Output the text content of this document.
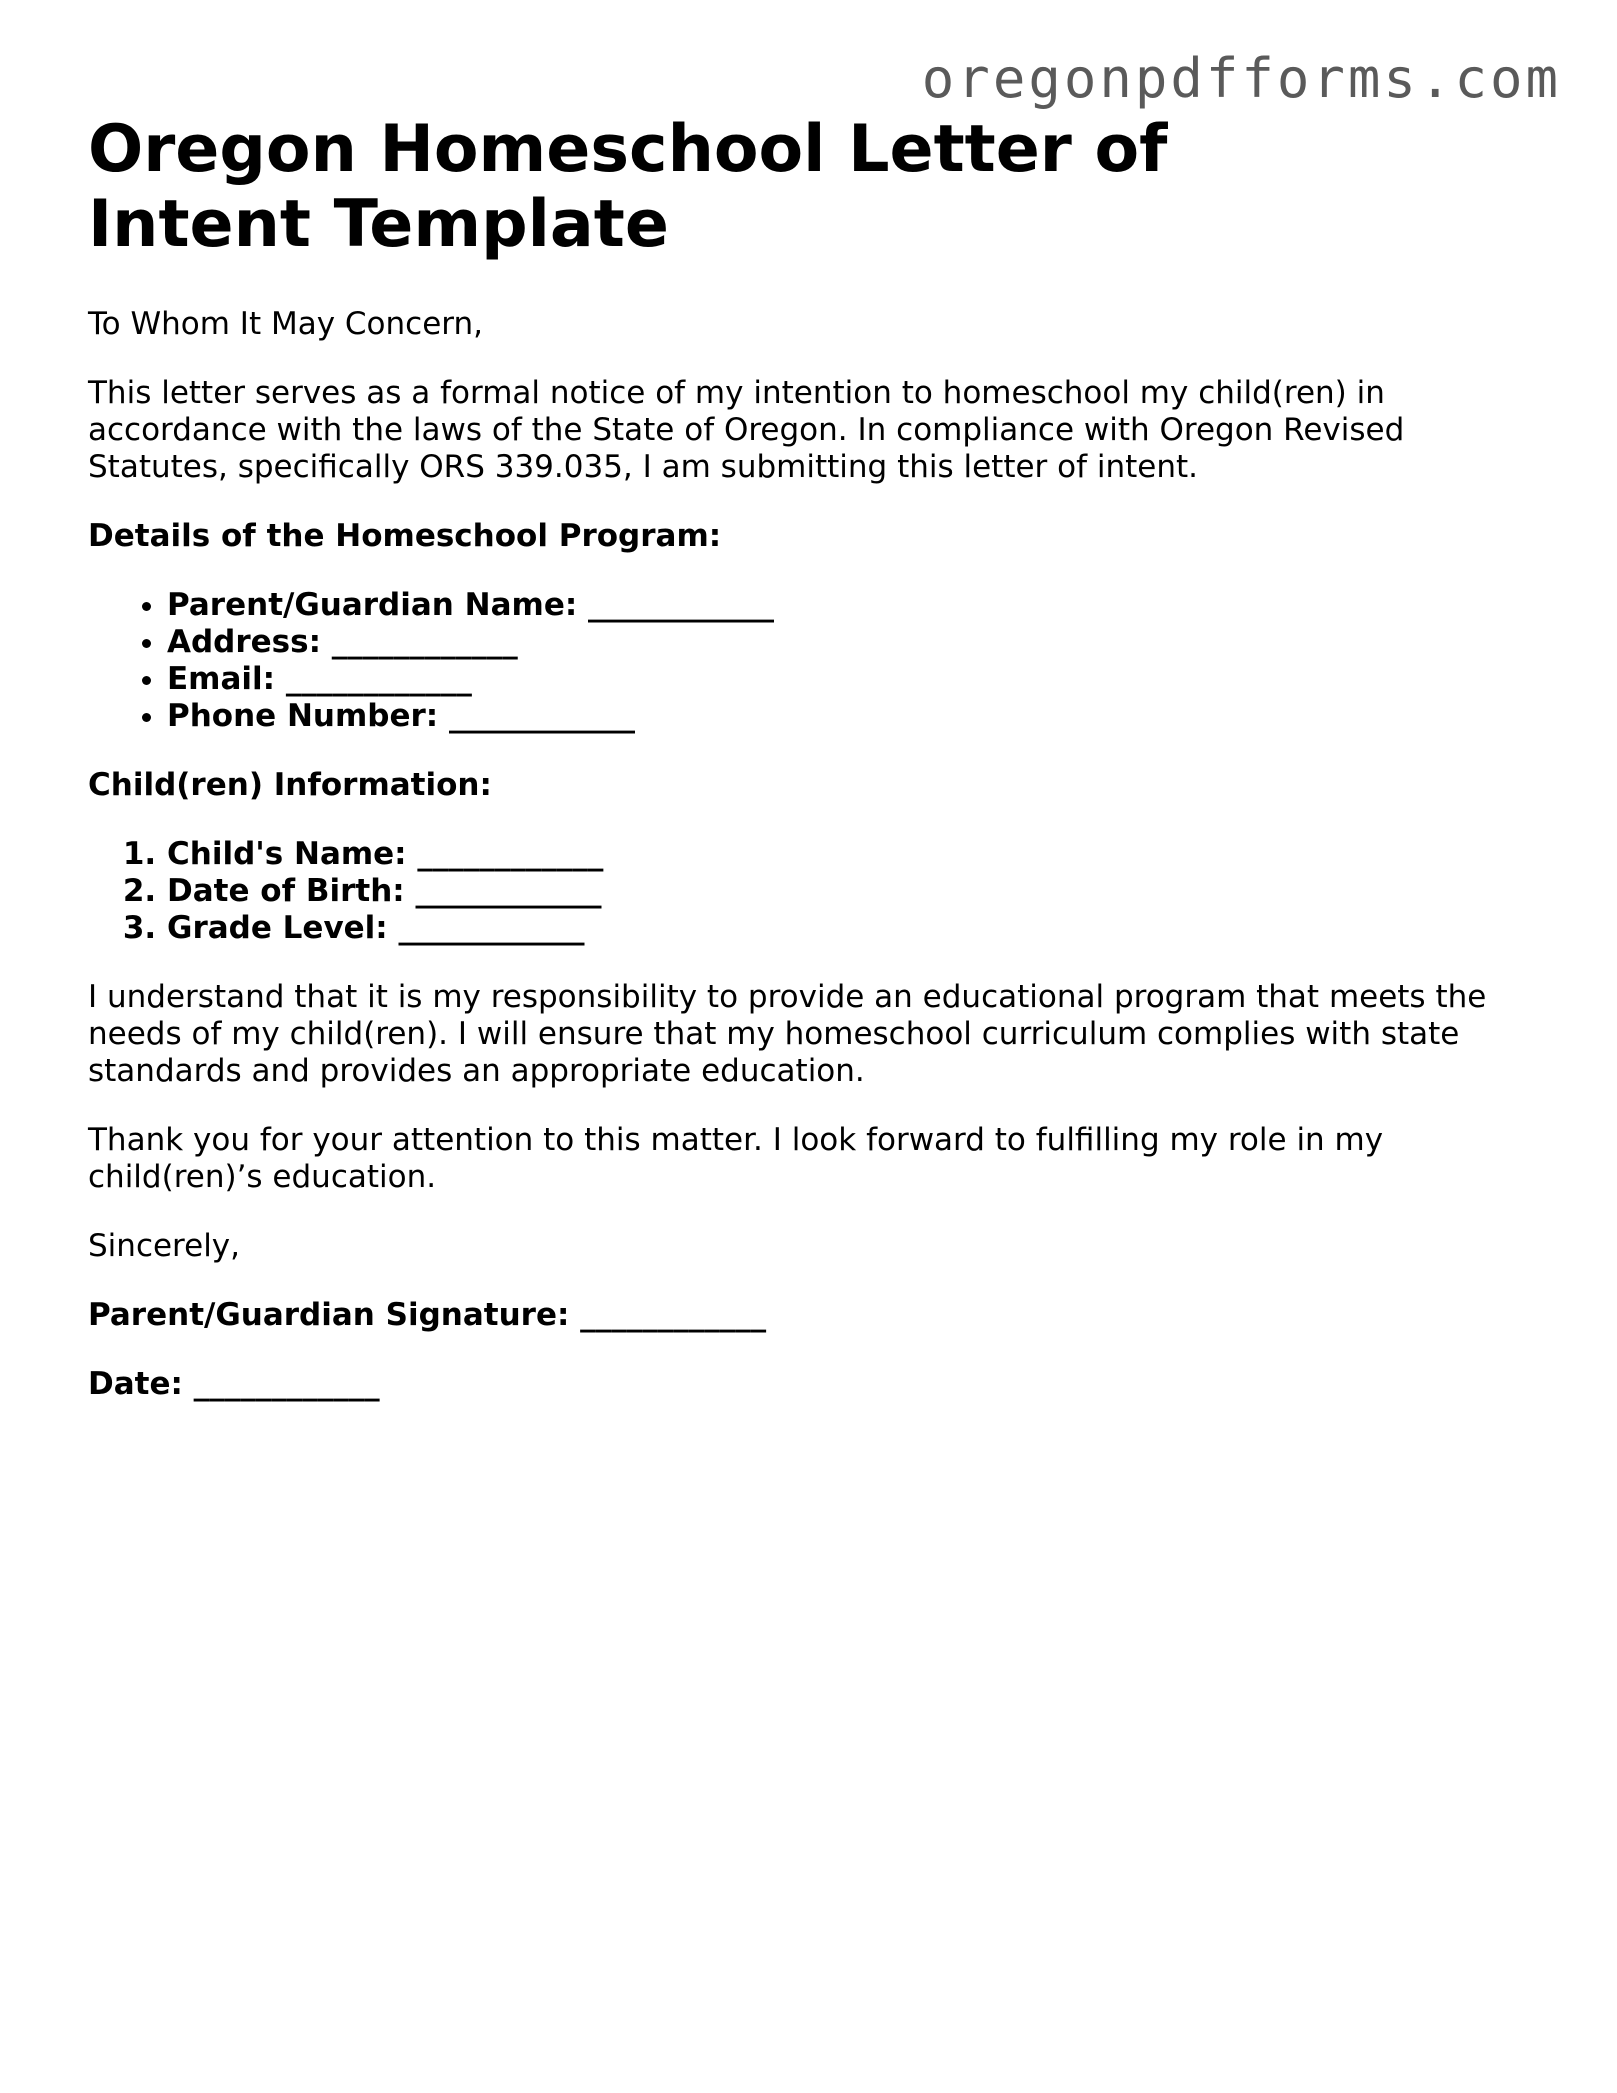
oregonpdfforms.com
Oregon Homeschool Letter of Intent Template

To Whom It May Concern,

This letter serves as a formal notice of my intention to homeschool my child(ren) in accordance with the laws of the State of Oregon. In compliance with Oregon Revised Statutes, specifically ORS 339.035, I am submitting this letter of intent.

Details of the Homeschool Program:

• Parent/Guardian Name: ____________
• Address: ____________
• Email: ____________
• Phone Number: ____________

Child(ren) Information:

1. Child's Name: ____________
2. Date of Birth: ____________
3. Grade Level: ____________

I understand that it is my responsibility to provide an educational program that meets the needs of my child(ren). I will ensure that my homeschool curriculum complies with state standards and provides an appropriate education.

Thank you for your attention to this matter. I look forward to fulfilling my role in my child(ren)’s education.

Sincerely,

Parent/Guardian Signature: ____________

Date: ____________
